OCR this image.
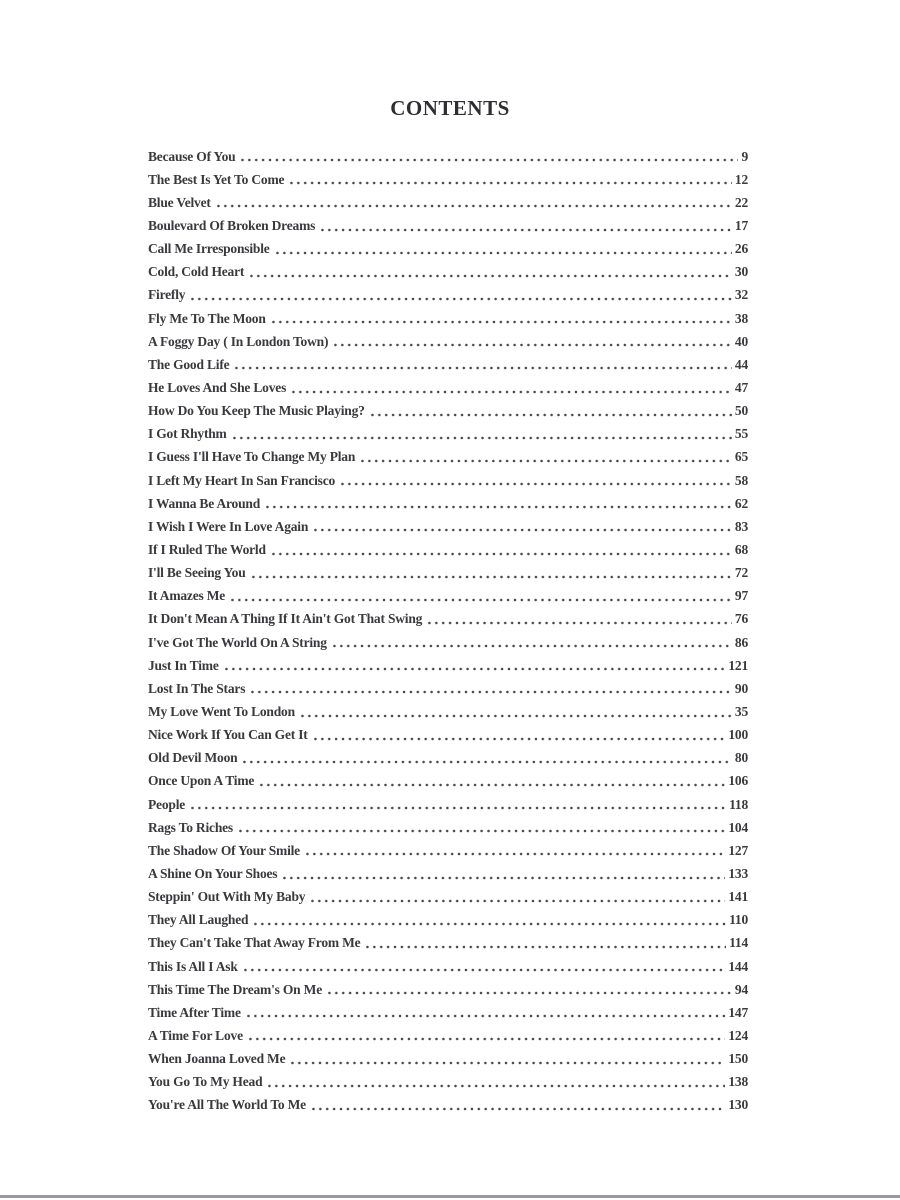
CONTENTS
Because Of You	9
The Best Is Yet To Come	12
Blue Velvet	22
Boulevard Of Broken Dreams	17
Call Me Irresponsible	26
Cold, Cold Heart	30
Firefly	32
Fly Me To The Moon	38
A Foggy Day ( In London Town)	40
The Good Life	44
He Loves And She Loves	47
How Do You Keep The Music Playing?	50
I Got Rhythm	55
I Guess I'll Have To Change My Plan	65
I Left My Heart In San Francisco	58
I Wanna Be Around	62
I Wish I Were In Love Again	83
If I Ruled The World	68
I'll Be Seeing You	72
It Amazes Me	97
It Don't Mean A Thing If It Ain't Got That Swing	76
I've Got The World On A String	86
Just In Time	121
Lost In The Stars	90
My Love Went To London	35
Nice Work If You Can Get It	100
Old Devil Moon	80
Once Upon A Time	106
People	118
Rags To Riches	104
The Shadow Of Your Smile	127
A Shine On Your Shoes	133
Steppin' Out With My Baby	141
They All Laughed	110
They Can't Take That Away From Me	114
This Is All I Ask	144
This Time The Dream's On Me	94
Time After Time	147
A Time For Love	124
When Joanna Loved Me	150
You Go To My Head	138
You're All The World To Me	130
